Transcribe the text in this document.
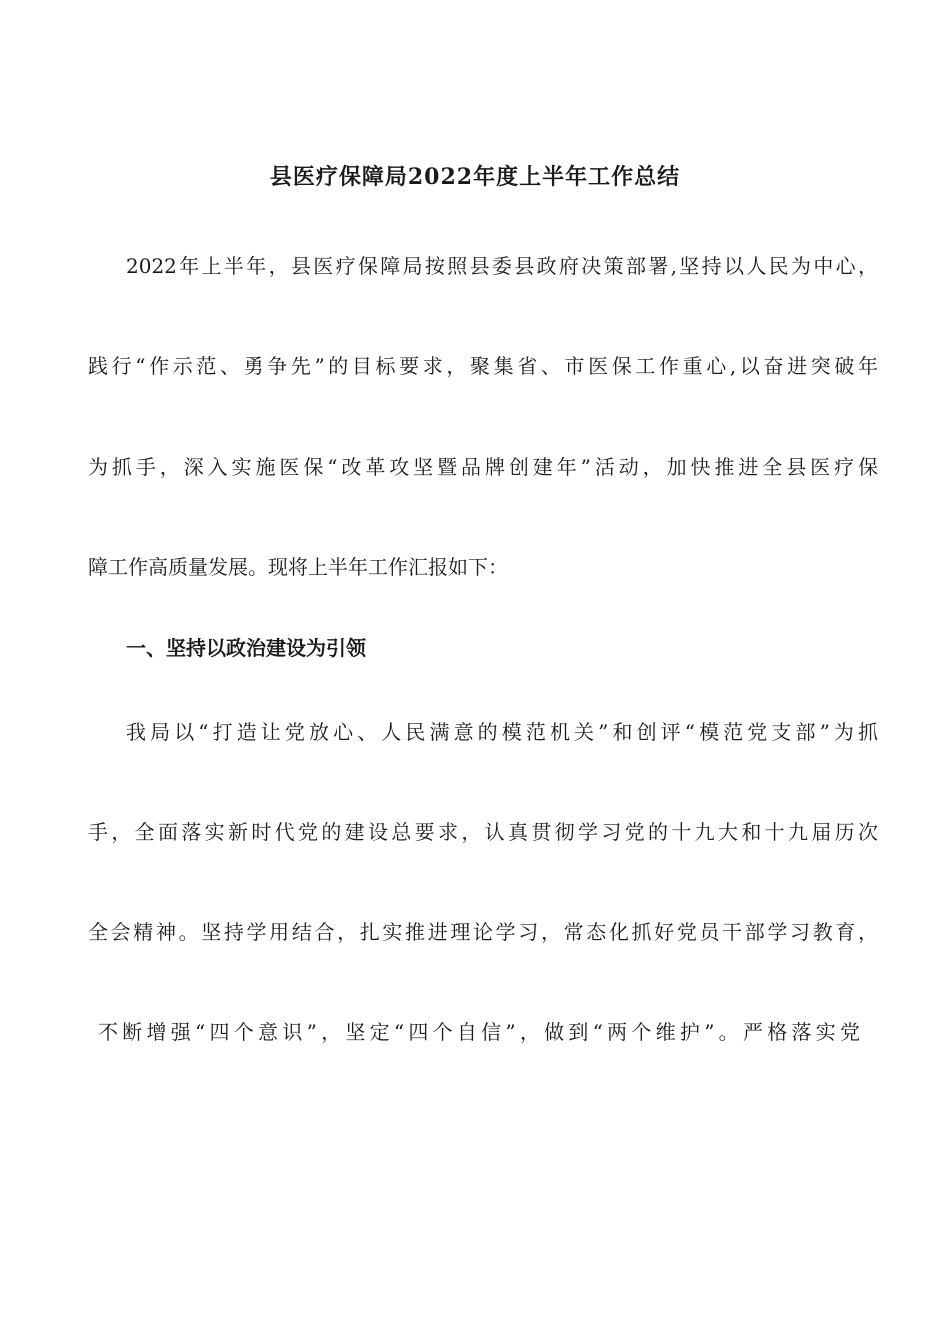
县医疗保障局2022年度上半年工作总结
2022年上半年，县医疗保障局按照县委县政府决策部署,坚持以人民为中心，
践行“作示范、勇争先”的目标要求，聚集省、市医保工作重心,以奋进突破年
为抓手，深入实施医保“改革攻坚暨品牌创建年”活动，加快推进全县医疗保
障工作高质量发展。现将上半年工作汇报如下：
一、坚持以政治建设为引领
我局以“打造让党放心、人民满意的模范机关”和创评“模范党支部”为抓
手，全面落实新时代党的建设总要求，认真贯彻学习党的十九大和十九届历次
全会精神。坚持学用结合，扎实推进理论学习，常态化抓好党员干部学习教育，
不断增强“四个意识”，坚定“四个自信”，做到“两个维护”。严格落实党
